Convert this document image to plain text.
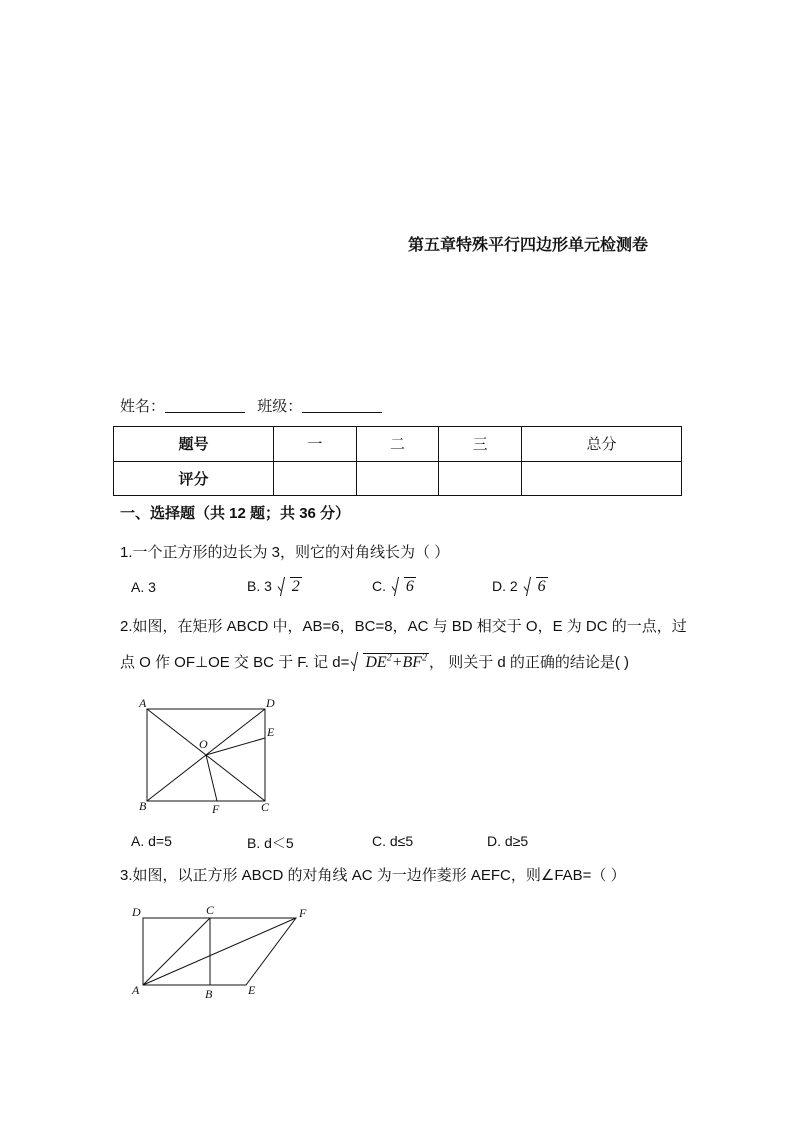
第五章特殊平行四边形单元检测卷
姓名：	班级：
题号	一	二	三	总分
评分				
一、选择题（共 12 题；共 36 分）
1.一个正方形的边长为 3，则它的对角线长为（ ）
A. 3	B. 3 2	C. 6	D. 2 6
2.如图，在矩形 ABCD 中，AB=6，BC=8，AC 与 BD 相交于 O，E 为 DC 的一点，过
点 O 作 OF⊥OE 交 BC 于 F. 记 $d= DE^2+BF^2$ ， 则关于 d 的正确的结论是( )
A	D
E
O
B	F	C
A. d=5	B. d＜5	C. d≤5	D. d≥5
3.如图，以正方形 ABCD 的对角线 AC 为一边作菱形 AEFC，则∠FAB=（ ）
D	C	F
A	B	E
